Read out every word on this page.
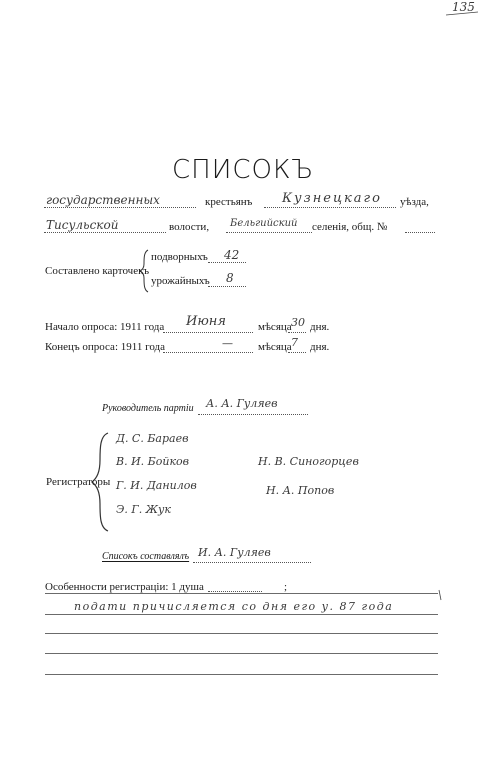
135
СПИСОКЪ
государственных	крестьянъ Кузнецкаго уѣзда,
Тисульской	волости, Бельгийский селенія, общ. №
Составлено карточекъ
подворныхъ 42
урожайныхъ 8
Начало опроса: 1911 года Июня	мѣсяца 30 дня.
Конецъ опроса: 1911 года	— мѣсяца 7 дня.
Руководитель партіи А. А. Гуляев
Регистраторы
Д. С. Бараев
В. И. Бойков
Г. И. Данилов
Э. Г. Жук
Н. В. Синогорцев
Н. А. Попов
Списокъ составлялъ И. А. Гуляев
Особенности регистраціи: 1 душа	;
подати причисляется со дня его у. 87 года
